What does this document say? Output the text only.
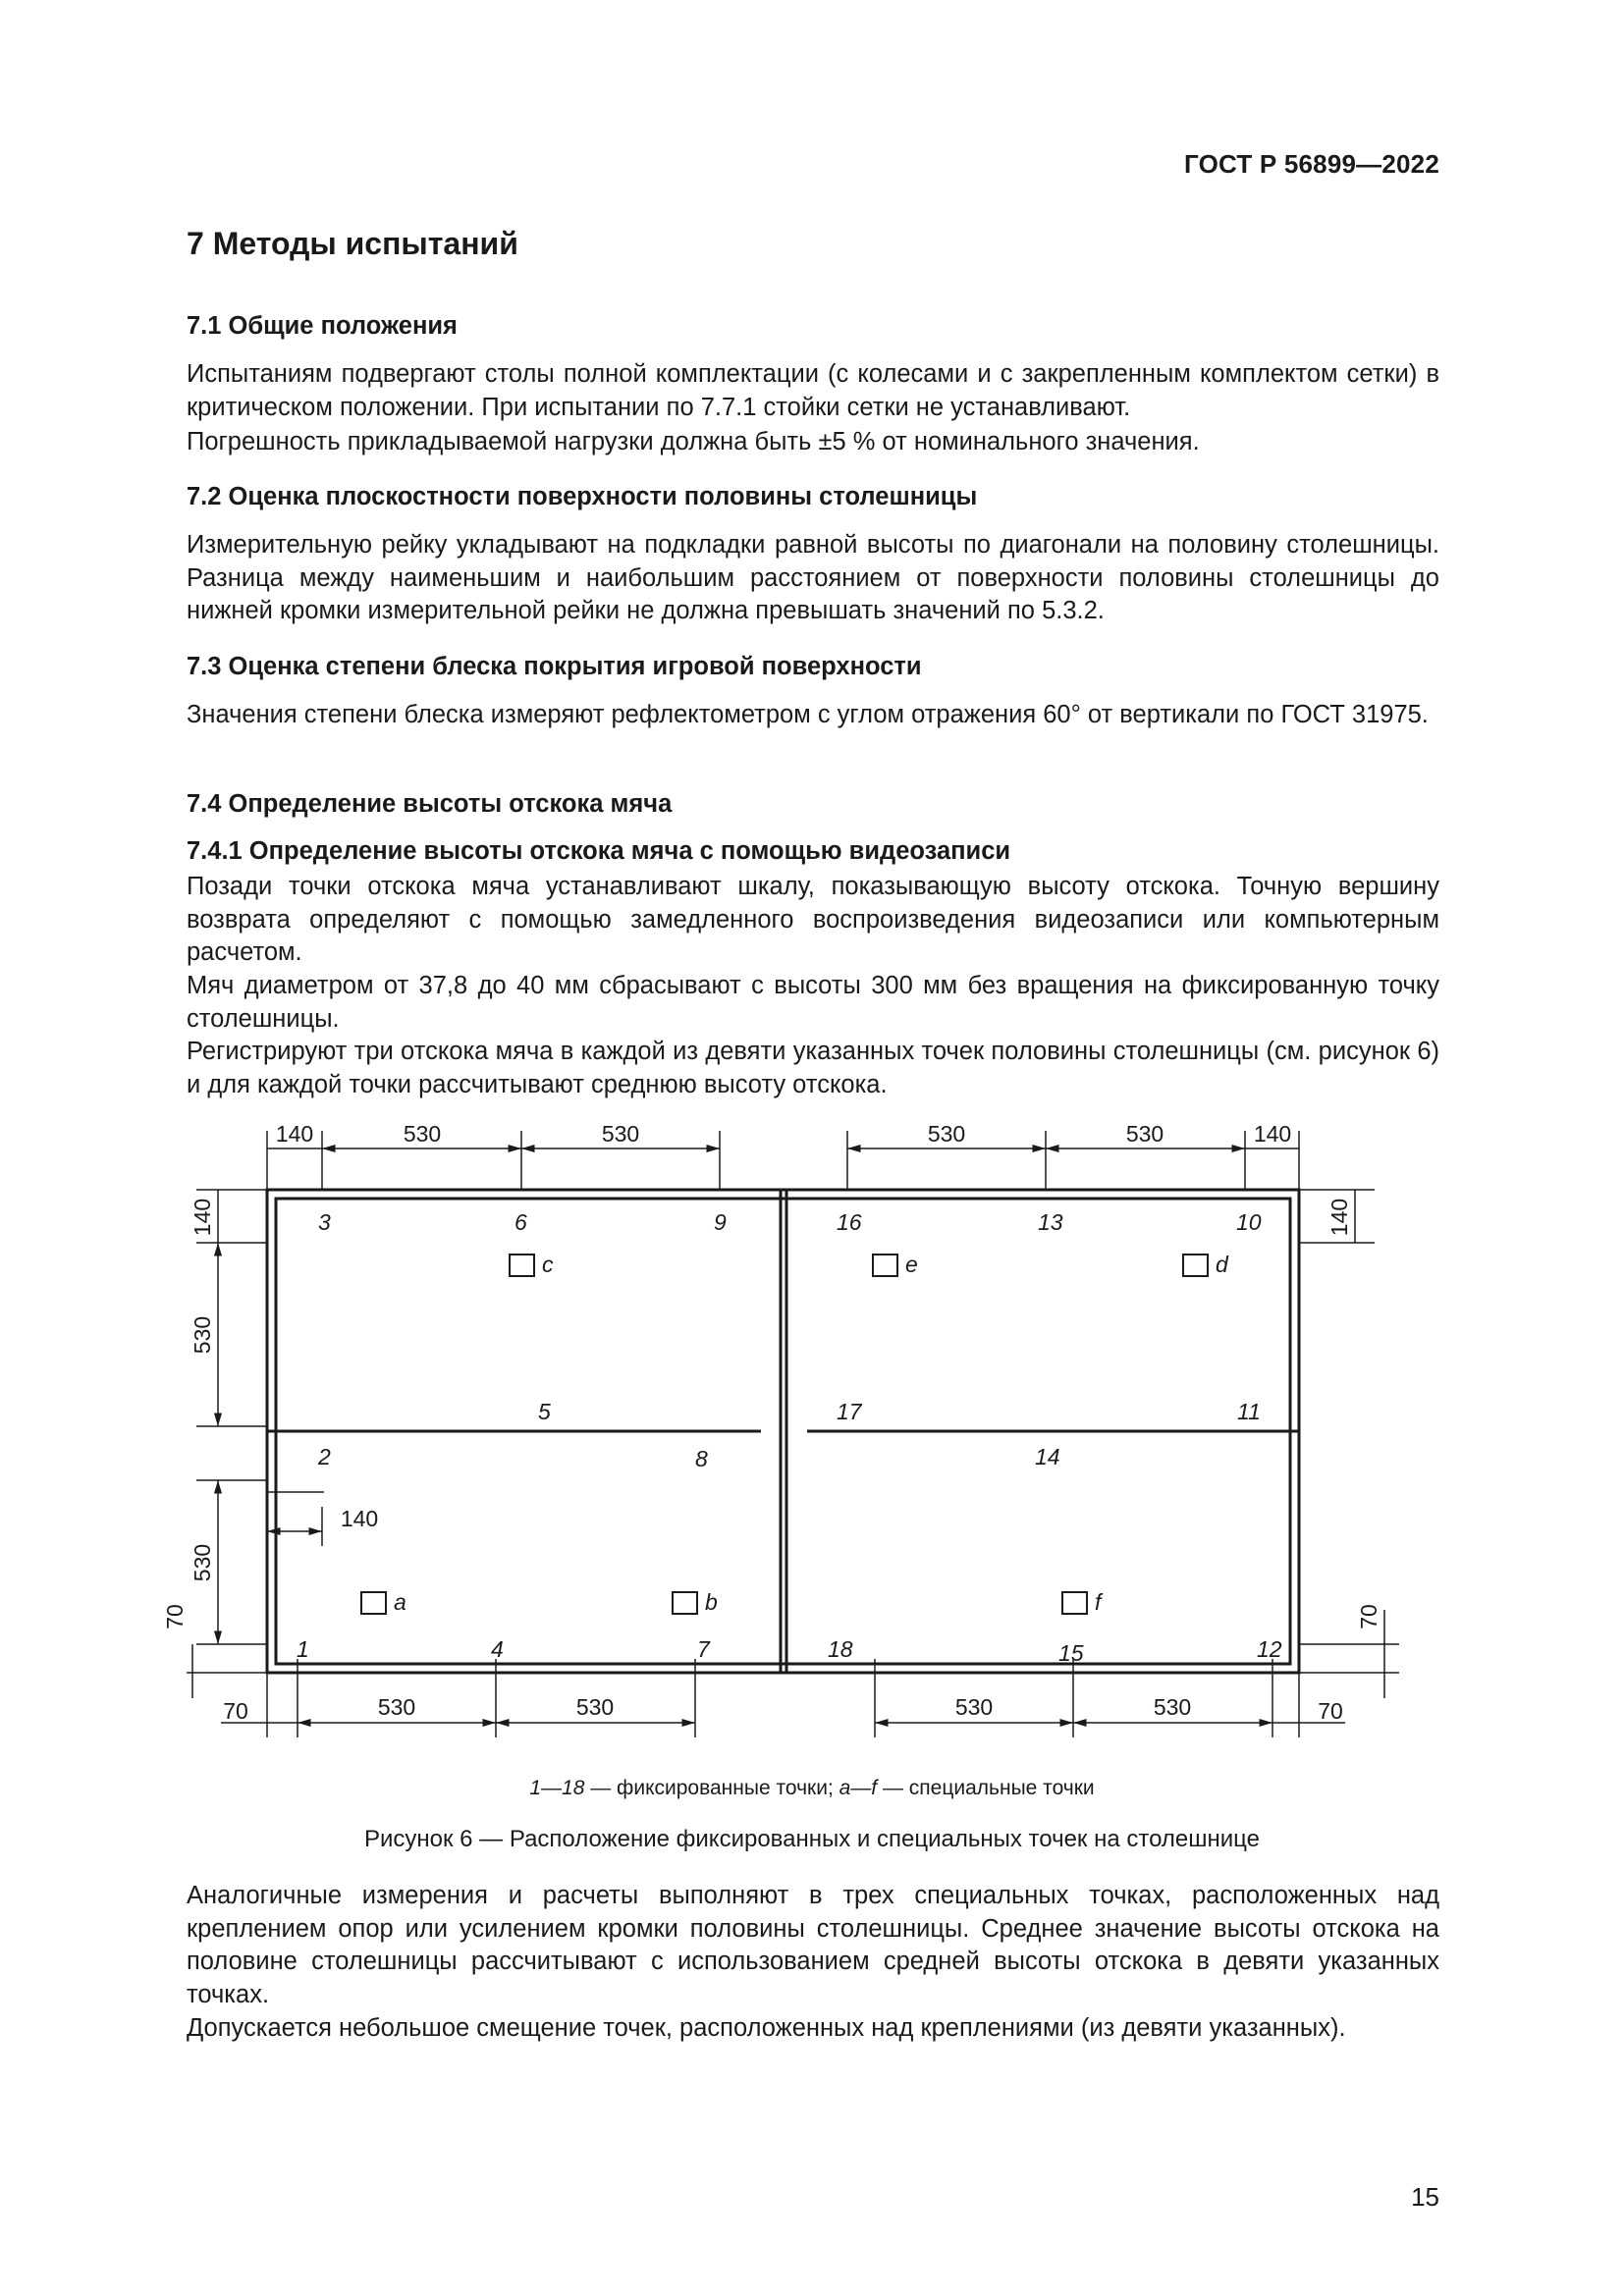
ГОСТ Р 56899—2022
7 Методы испытаний
7.1 Общие положения
Испытаниям подвергают столы полной комплектации (с колесами и с закрепленным комплектом сетки) в критическом положении. При испытании по 7.7.1 стойки сетки не устанавливают.
Погрешность прикладываемой нагрузки должна быть ±5 % от номинального значения.
7.2 Оценка плоскостности поверхности половины столешницы
Измерительную рейку укладывают на подкладки равной высоты по диагонали на половину столешницы. Разница между наименьшим и наибольшим расстоянием от поверхности половины столешницы до нижней кромки измерительной рейки не должна превышать значений по 5.3.2.
7.3 Оценка степени блеска покрытия игровой поверхности
Значения степени блеска измеряют рефлектометром с углом отражения 60° от вертикали по ГОСТ 31975.
7.4 Определение высоты отскока мяча
7.4.1 Определение высоты отскока мяча с помощью видеозаписи
Позади точки отскока мяча устанавливают шкалу, показывающую высоту отскока. Точную вершину возврата определяют с помощью замедленного воспроизведения видеозаписи или компьютерным расчетом.
Мяч диаметром от 37,8 до 40 мм сбрасывают с высоты 300 мм без вращения на фиксированную точку столешницы.
Регистрируют три отскока мяча в каждой из девяти указанных точек половины столешницы (см. рисунок 6) и для каждой точки рассчитывают среднюю высоту отскока.
140	530	530	530	530	140
140
530
530
70
140
140
70
70	530	530	530	530	70
1
2
3
4
5
6
7
8
9	10
11
12
13
14
15
16
17
18
a	b
c	d
e
f
1—18 — фиксированные точки; a—f — специальные точки
Рисунок 6 — Расположение фиксированных и специальных точек на столешнице
Аналогичные измерения и расчеты выполняют в трех специальных точках, расположенных над креплением опор или усилением кромки половины столешницы. Среднее значение высоты отскока на половине столешницы рассчитывают с использованием средней высоты отскока в девяти указанных точках.
Допускается небольшое смещение точек, расположенных над креплениями (из девяти указанных).
15
